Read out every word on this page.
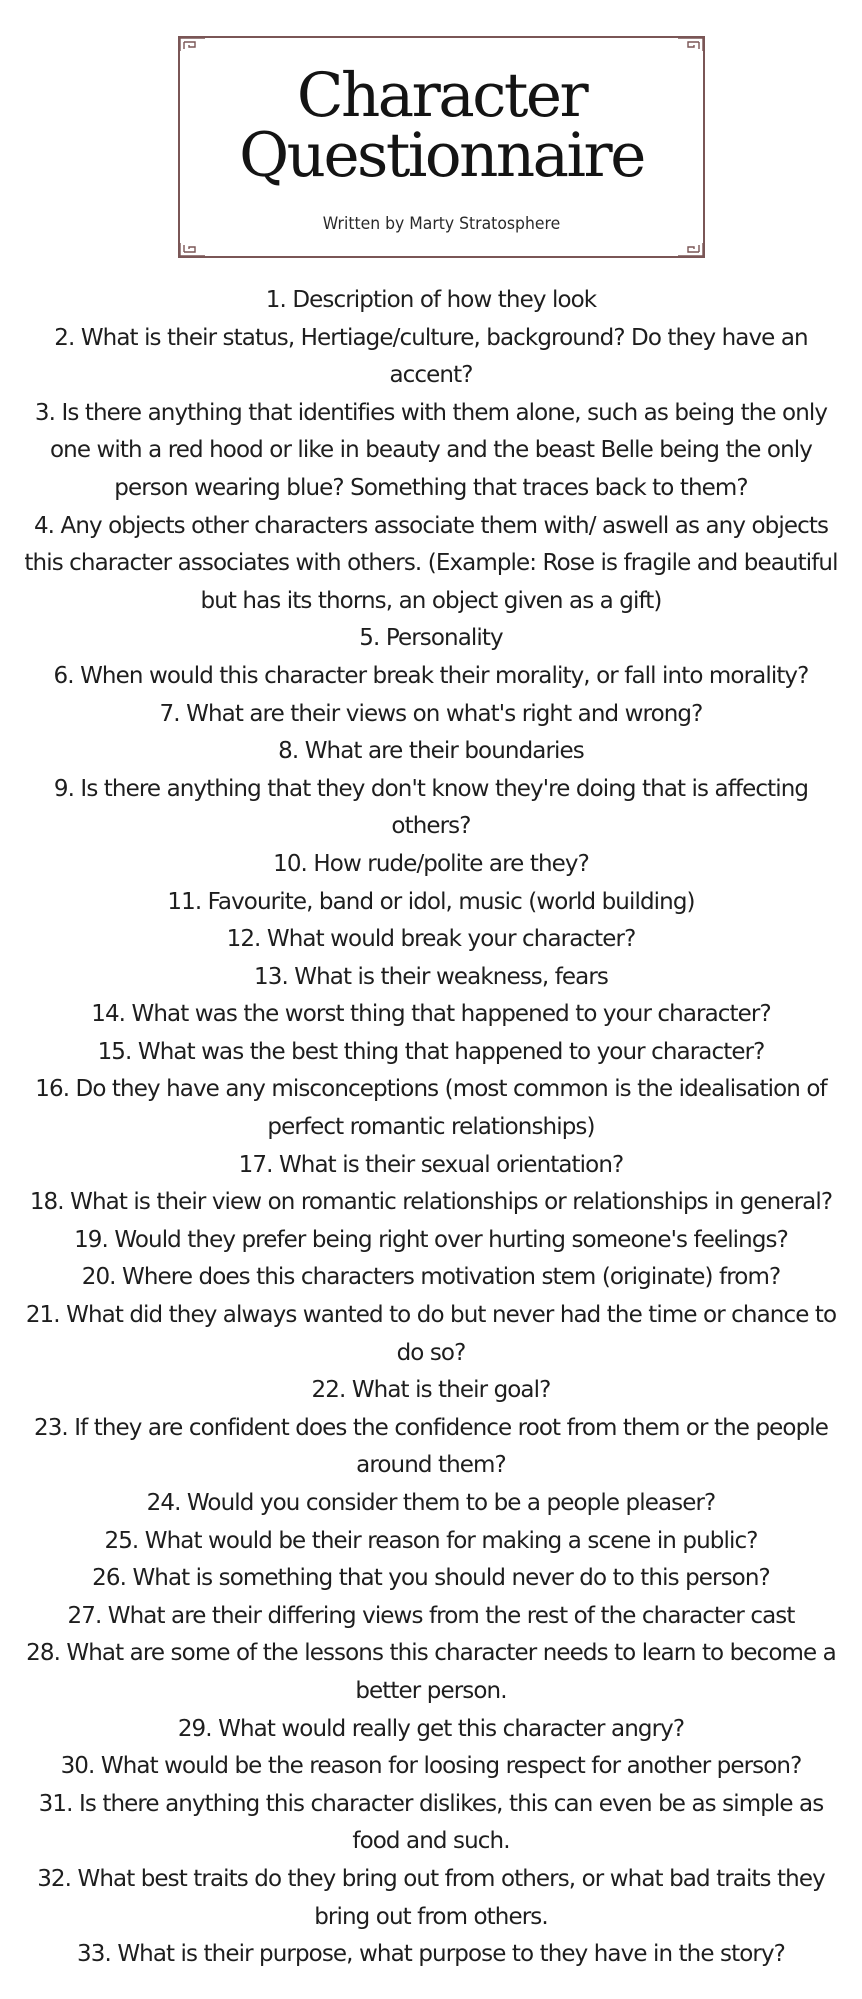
Character
Questionnaire

Written by Marty Stratosphere

1. Description of how they look
2. What is their status, Hertiage/culture, background? Do they have an accent?
3. Is there anything that identifies with them alone, such as being the only one with a red hood or like in beauty and the beast Belle being the only person wearing blue? Something that traces back to them?
4. Any objects other characters associate them with/ aswell as any objects this character associates with others. (Example: Rose is fragile and beautiful but has its thorns, an object given as a gift)
5. Personality
6. When would this character break their morality, or fall into morality?
7. What are their views on what's right and wrong?
8. What are their boundaries
9. Is there anything that they don't know they're doing that is affecting others?
10. How rude/polite are they?
11. Favourite, band or idol, music (world building)
12. What would break your character?
13. What is their weakness, fears
14. What was the worst thing that happened to your character?
15. What was the best thing that happened to your character?
16. Do they have any misconceptions (most common is the idealisation of perfect romantic relationships)
17. What is their sexual orientation?
18. What is their view on romantic relationships or relationships in general?
19. Would they prefer being right over hurting someone's feelings?
20. Where does this characters motivation stem (originate) from?
21. What did they always wanted to do but never had the time or chance to do so?
22. What is their goal?
23. If they are confident does the confidence root from them or the people around them?
24. Would you consider them to be a people pleaser?
25. What would be their reason for making a scene in public?
26. What is something that you should never do to this person?
27. What are their differing views from the rest of the character cast
28. What are some of the lessons this character needs to learn to become a better person.
29. What would really get this character angry?
30. What would be the reason for loosing respect for another person?
31. Is there anything this character dislikes, this can even be as simple as food and such.
32. What best traits do they bring out from others, or what bad traits they bring out from others.
33. What is their purpose, what purpose to they have in the story?
